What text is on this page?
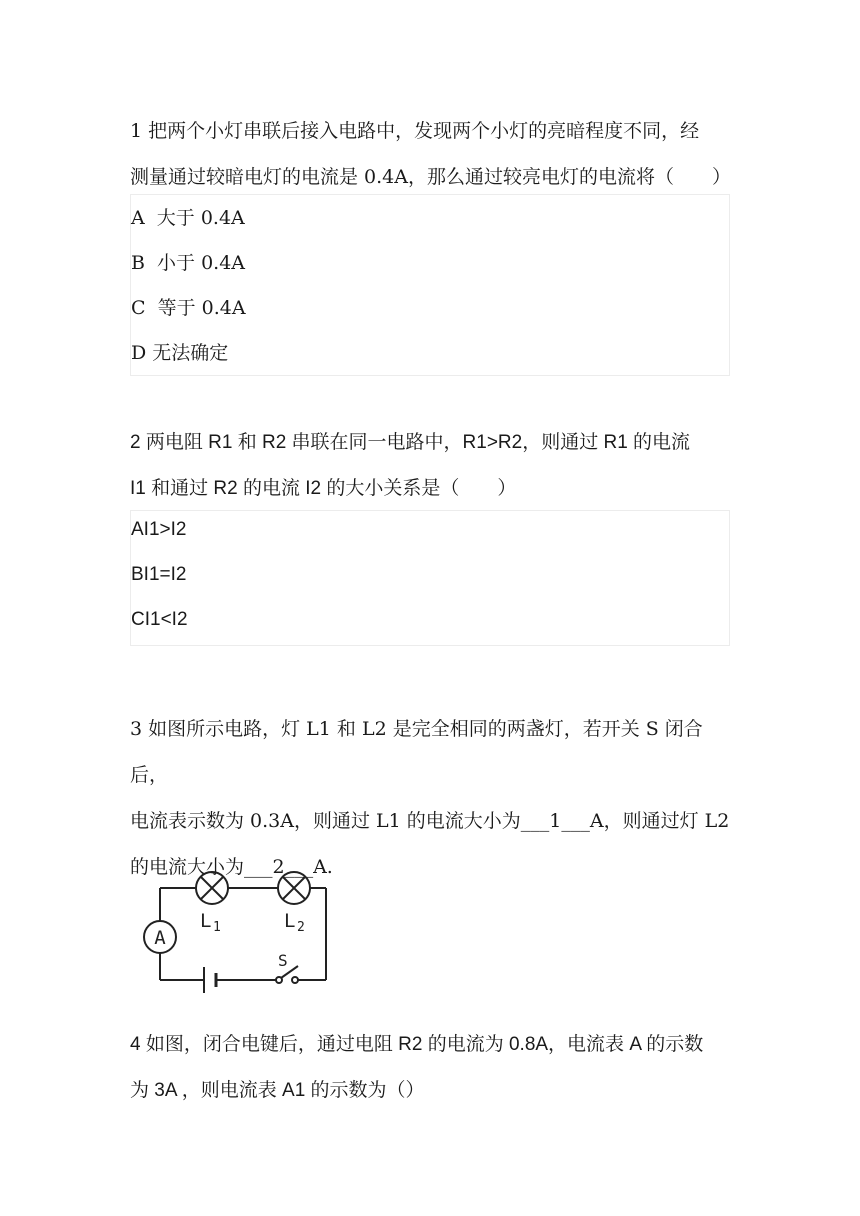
1 把两个小灯串联后接入电路中，发现两个小灯的亮暗程度不同，经
测量通过较暗电灯的电流是 0.4A，那么通过较亮电灯的电流将（　　）
A  大于 0.4A
B  小于 0.4A
C  等于 0.4A
D 无法确定
2 两电阻 R1 和 R2 串联在同一电路中，R1>R2，则通过 R1 的电流
I1 和通过 R2 的电流 I2 的大小关系是（　　）
AI1>I2
BI1=I2
CI1<I2
3 如图所示电路，灯 L1 和 L2 是完全相同的两盏灯，若开关 S 闭合后，
电流表示数为 0.3A，则通过 L1 的电流大小为___1___A，则通过灯 L2
的电流大小为___2___A.
A
L 1	L 2
S
4 如图，闭合电键后，通过电阻 R2 的电流为 0.8A，电流表 A 的示数
为 3A ，则电流表 A1 的示数为（）
